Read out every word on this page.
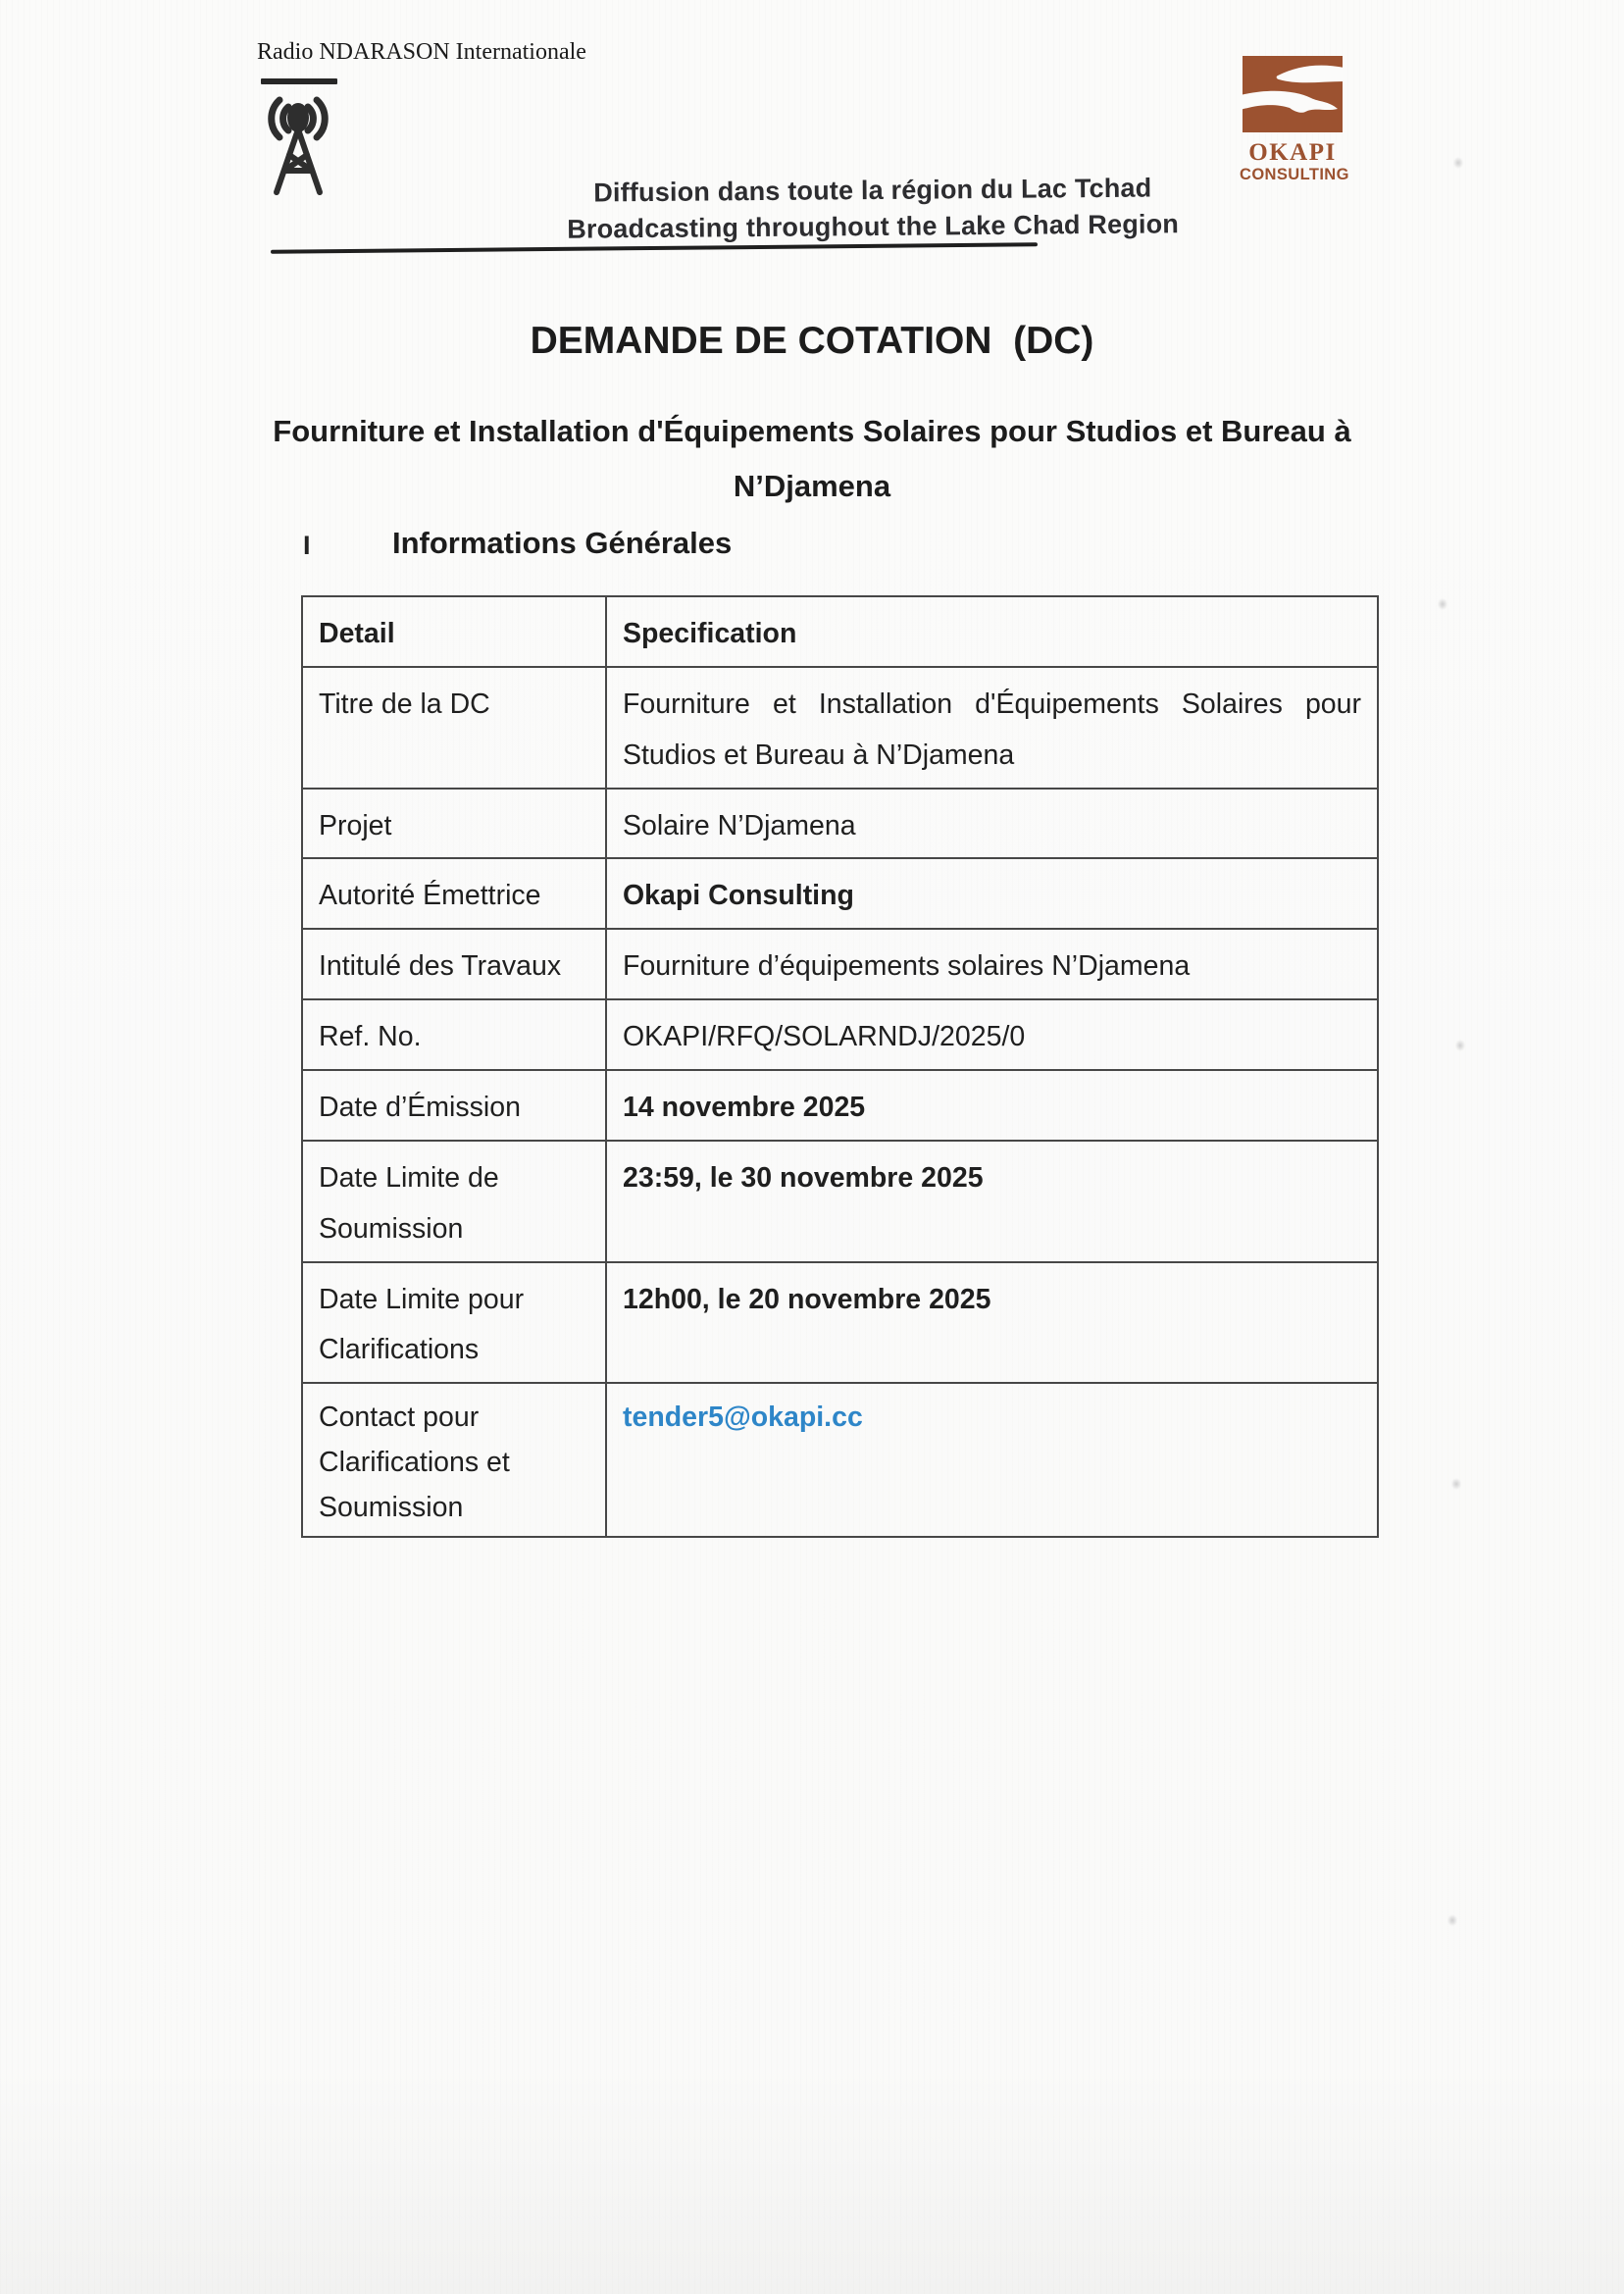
Radio NDARASON Internationale
Diffusion dans toute la région du Lac Tchad
Broadcasting throughout the Lake Chad Region
OKAPI
CONSULTING
DEMANDE DE COTATION  (DC)
Fourniture et Installation d'Équipements Solaires pour Studios et Bureau à
N’Djamena
I	Informations Générales
Detail	Specification
Titre de la DC	Fourniture et Installation d'Équipements Solaires pour Studios et Bureau à N’Djamena
Projet	Solaire N’Djamena
Autorité Émettrice	Okapi Consulting
Intitulé des Travaux	Fourniture d’équipements solaires N’Djamena
Ref. No.	OKAPI/RFQ/SOLARNDJ/2025/0
Date d’Émission	14 novembre 2025
Date Limite de Soumission	23:59, le 30 novembre 2025
Date Limite pour Clarifications	12h00, le 20 novembre 2025
Contact pour Clarifications et Soumission	tender5@okapi.cc
